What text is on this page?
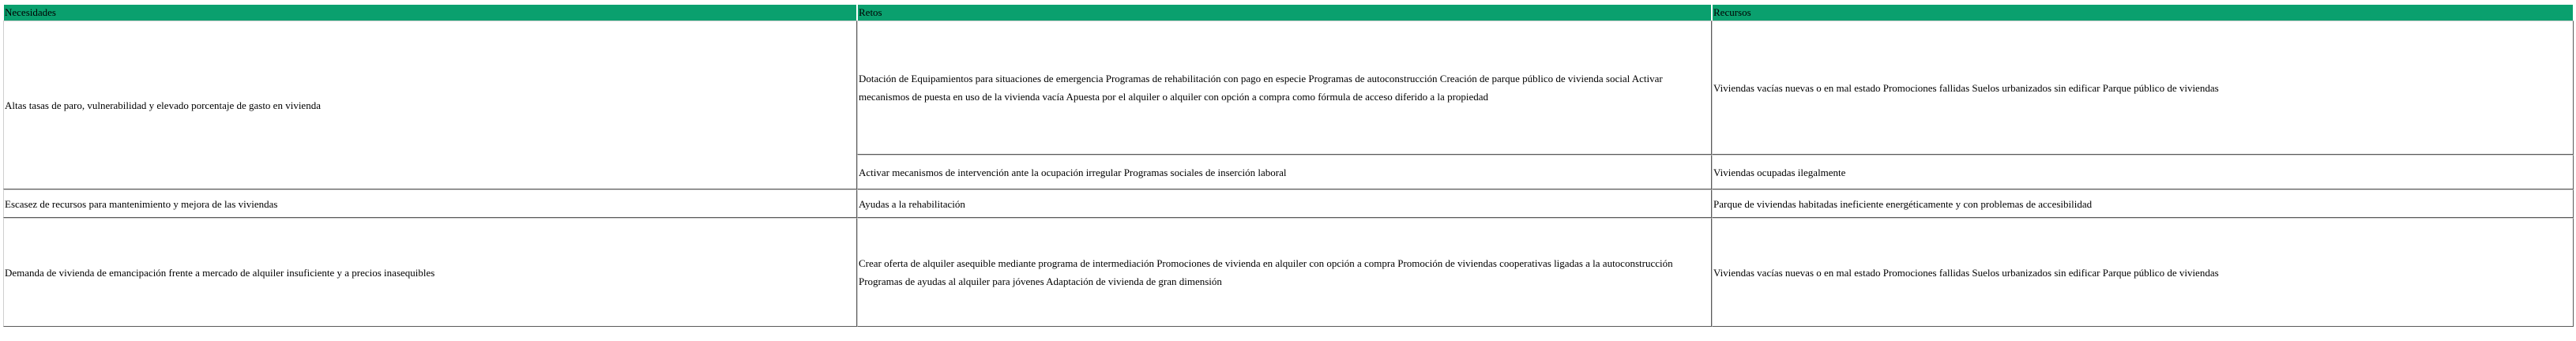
Necesidades	Retos	Recursos
Altas tasas de paro, vulnerabilidad y elevado porcentaje de gasto en vivienda	Dotación de Equipamientos para situaciones de emergencia Programas de rehabilitación con pago en especie Programas de autoconstrucción Creación de parque público de vivienda social Activar mecanismos de puesta en uso de la vivienda vacía Apuesta por el alquiler o alquiler con opción a compra como fórmula de acceso diferido a la propiedad	Viviendas vacías nuevas o en mal estado Promociones fallidas Suelos urbanizados sin edificar Parque público de viviendas
	Activar mecanismos de intervención ante la ocupación irregular Programas sociales de inserción laboral	Viviendas ocupadas ilegalmente
Escasez de recursos para mantenimiento y mejora de las viviendas	Ayudas a la rehabilitación	Parque de viviendas habitadas ineficiente energéticamente y con problemas de accesibilidad
Demanda de vivienda de emancipación frente a mercado de alquiler insuficiente y a precios inasequibles	Crear oferta de alquiler asequible mediante programa de intermediación Promociones de vivienda en alquiler con opción a compra Promoción de viviendas cooperativas ligadas a la autoconstrucción Programas de ayudas al alquiler para jóvenes Adaptación de vivienda de gran dimensión	Viviendas vacías nuevas o en mal estado Promociones fallidas Suelos urbanizados sin edificar Parque público de viviendas
